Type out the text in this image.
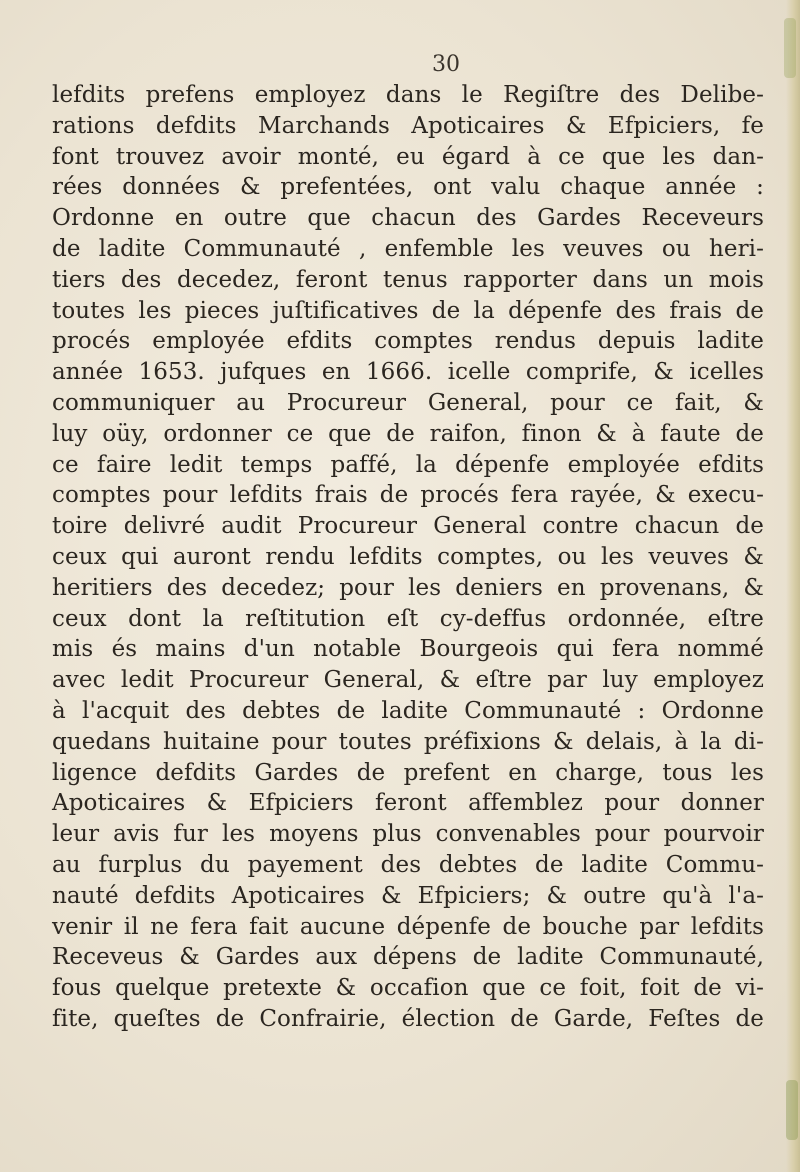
30
lefdits prefens employez dans le Regiſtre des Delibe-
rations defdits Marchands Apoticaires & Efpiciers, fe
font trouvez avoir monté, eu égard à ce que les dan-
rées données & prefentées, ont valu chaque année :
Ordonne en outre que chacun des Gardes Receveurs
de ladite Communauté , enfemble les veuves ou heri-
tiers des decedez, feront tenus rapporter dans un mois
toutes les pieces juſtificatives de la dépenfe des frais de
procés employée efdits comptes rendus depuis ladite
année 1653. jufques en 1666. icelle comprife, & icelles
communiquer au Procureur General, pour ce fait, &
luy oüy, ordonner ce que de raifon, finon & à faute de
ce faire ledit temps paffé, la dépenfe employée efdits
comptes pour lefdits frais de procés fera rayée, & execu-
toire delivré audit Procureur General contre chacun de
ceux qui auront rendu lefdits comptes, ou les veuves &
heritiers des decedez; pour les deniers en provenans, &
ceux dont la reſtitution eſt cy-deffus ordonnée, eſtre
mis és mains d'un notable Bourgeois qui fera nommé
avec ledit Procureur General, & eſtre par luy employez
à l'acquit des debtes de ladite Communauté : Ordonne
quedans huitaine pour toutes préfixions & delais, à la di-
ligence defdits Gardes de prefent en charge, tous les
Apoticaires & Efpiciers feront affemblez pour donner
leur avis fur les moyens plus convenables pour pourvoir
au furplus du payement des debtes de ladite Commu-
nauté defdits Apoticaires & Efpiciers; & outre qu'à l'a-
venir il ne fera fait aucune dépenfe de bouche par lefdits
Receveus & Gardes aux dépens de ladite Communauté,
fous quelque pretexte & occafion que ce foit, foit de vi-
fite, queſtes de Confrairie, élection de Garde, Feſtes de
